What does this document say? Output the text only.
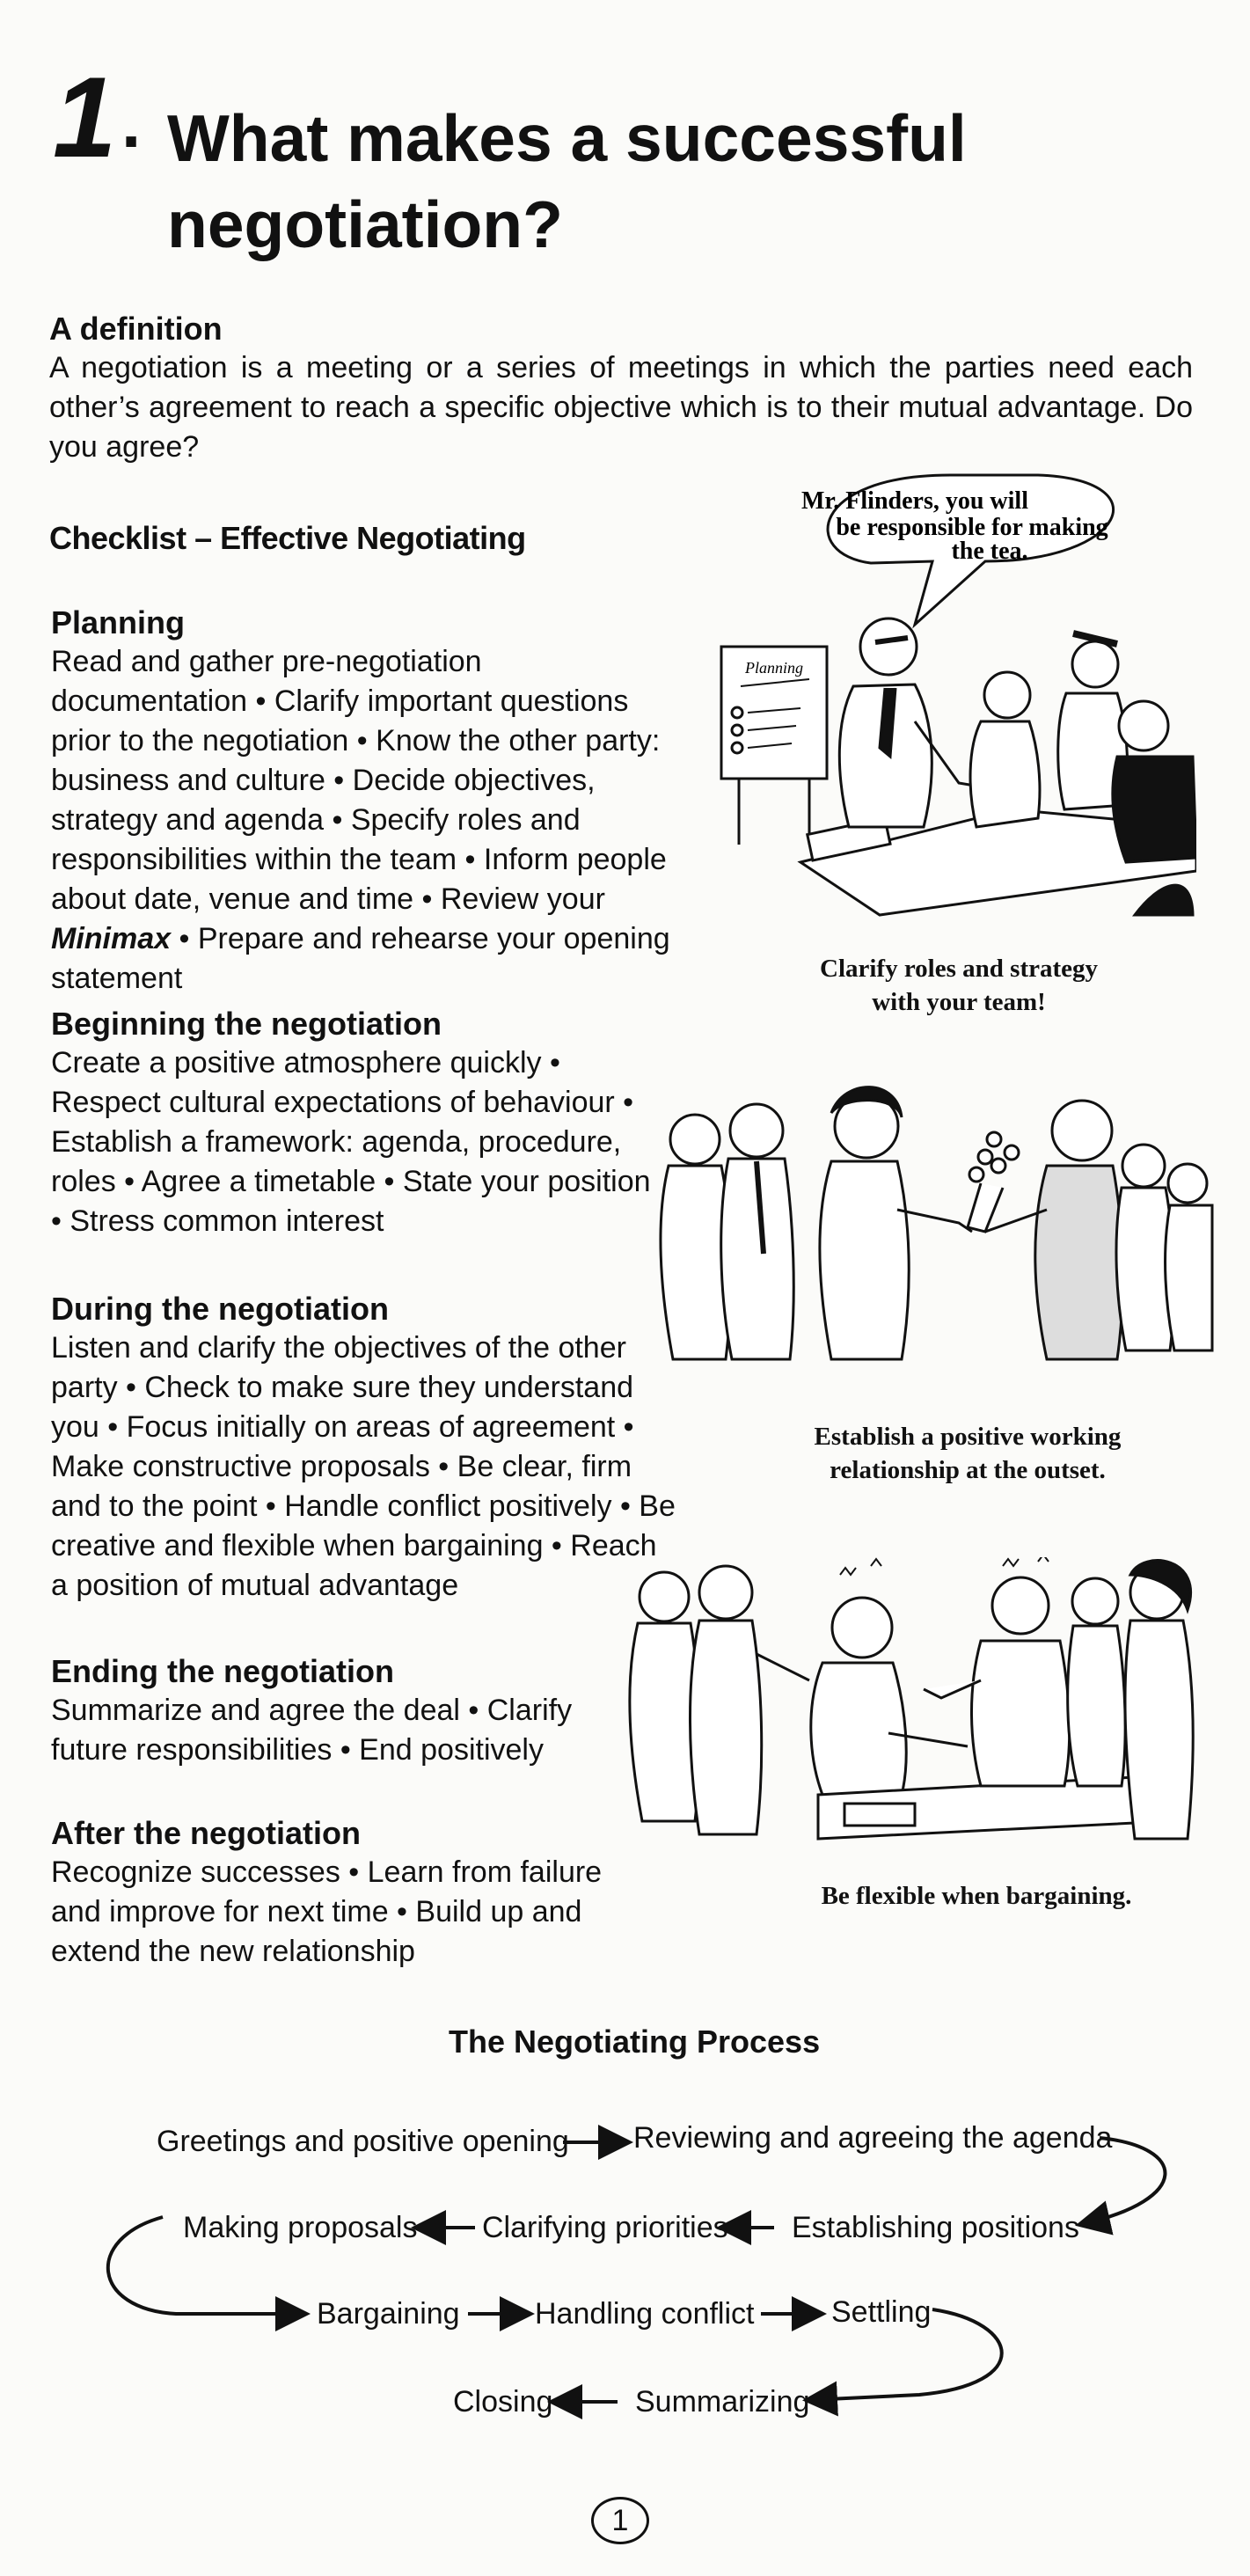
1 . What makes a successful
negotiation?
A definition
A negotiation is a meeting or a series of meetings in which the parties need each other’s agreement to reach a specific objective which is to their mutual advantage. Do you agree?
Checklist – Effective Negotiating
Planning
Read and gather pre-negotiation documentation • Clarify important questions prior to the negotiation • Know the other party: business and culture • Decide objectives, strategy and agenda • Specify roles and responsibilities within the team • Inform people about date, venue and time • Review your Minimax • Prepare and rehearse your opening statement
Beginning the negotiation
Create a positive atmosphere quickly • Respect cultural expectations of behaviour • Establish a framework: agenda, procedure, roles • Agree a timetable • State your position • Stress common interest
During the negotiation
Listen and clarify the objectives of the other party • Check to make sure they understand you • Focus initially on areas of agreement • Make constructive proposals • Be clear, firm and to the point • Handle conflict positively • Be creative and flexible when bargaining • Reach a position of mutual advantage
Ending the negotiation
Summarize and agree the deal • Clarify future responsibilities • End positively
After the negotiation
Recognize successes • Learn from failure and improve for next time • Build up and extend the new relationship
Mr. Flinders, you will
be responsible for making
the tea.
Planning
Clarify roles and strategy
with your team!
Establish a positive working
relationship at the outset.
Be flexible when bargaining.
The Negotiating Process
Greetings and positive opening Reviewing and agreeing the agenda
Establishing positions
Clarifying priorities
Making proposals
Bargaining	Handling conflict	Settling
Summarizing
Closing
1
